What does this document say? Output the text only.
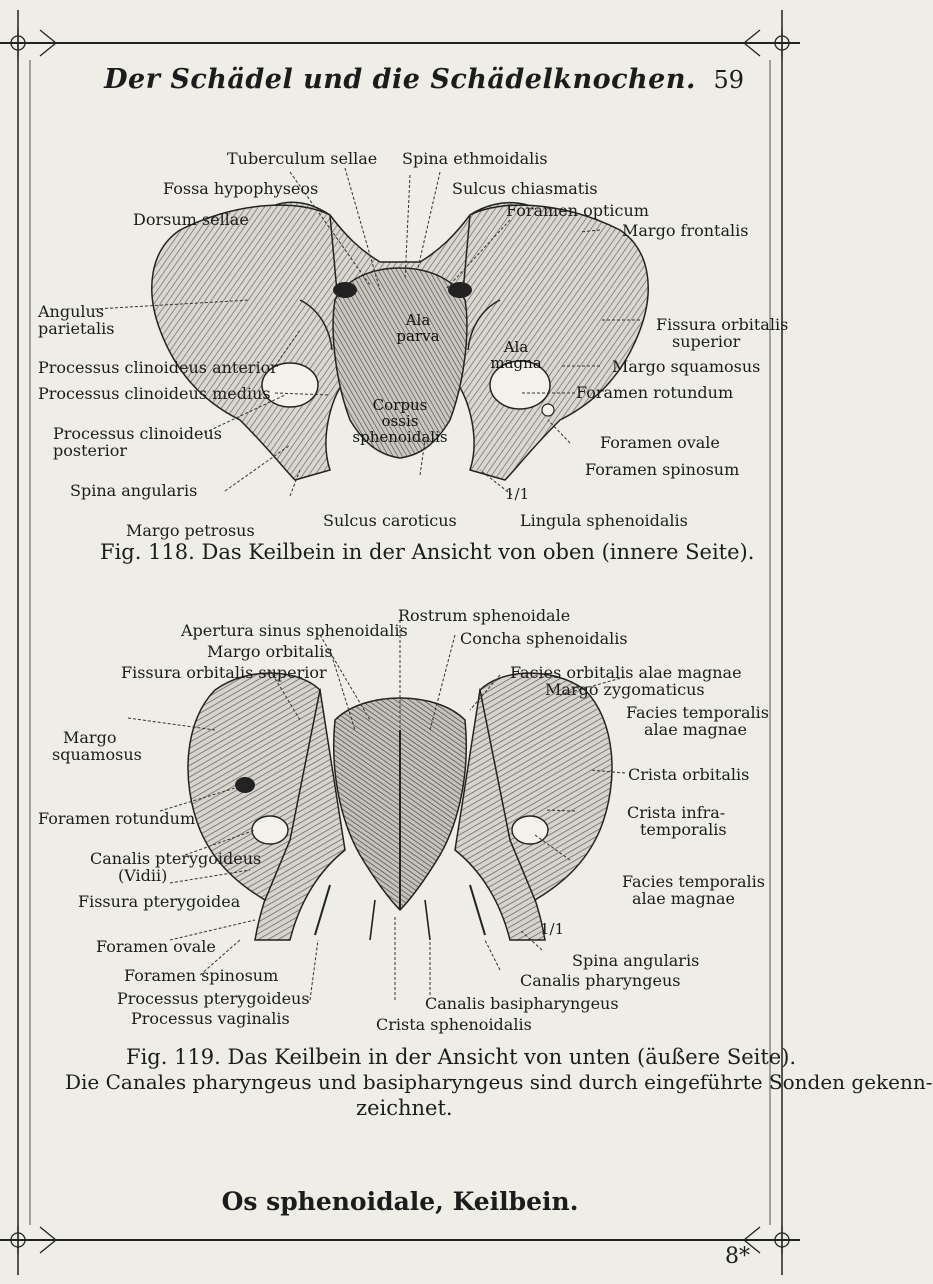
Der Schädel und die Schädelknochen. 59
Ala
parva
Ala
magna
Corpus
ossis
sphenoidalis
Tuberculum sellae Spina ethmoidalis
Fossa hypophyseos	Sulcus chiasmatis
Dorsum sellae	Foramen opticum
Margo frontalis
Angulus
parietalis	Fissura orbitalis
superior
Processus clinoideus anterior	Margo squamosus
Processus clinoideus medius	Foramen rotundum
Processus clinoideus
posterior	Foramen ovale
Foramen spinosum
Spina angularis	1/1
Margo petrosus
Sulcus caroticus	Lingula sphenoidalis
Fig. 118. Das Keilbein in der Ansicht von oben (innere Seite).
Rostrum sphenoidale
Apertura sinus sphenoidalis	Concha sphenoidalis
Margo orbitalis
Fissura orbitalis superior	Facies orbitalis alae magnae
Margo zygomaticus
Facies temporalis
alae magnae
Margo
squamosus
Crista orbitalis
Foramen rotundum	Crista infra-
temporalis
Canalis pterygoideus
(Vidii)	Facies temporalis
alae magnae
Fissura pterygoidea
1/1
Foramen ovale
Spina angularis
Foramen spinosum	Canalis pharyngeus
Processus pterygoideus	Canalis basipharyngeus
Processus vaginalis	Crista sphenoidalis
Fig. 119. Das Keilbein in der Ansicht von unten (äußere Seite).
Die Canales pharyngeus und basipharyngeus sind durch eingeführte Sonden gekenn-
zeichnet.
Os sphenoidale, Keilbein.
8*
